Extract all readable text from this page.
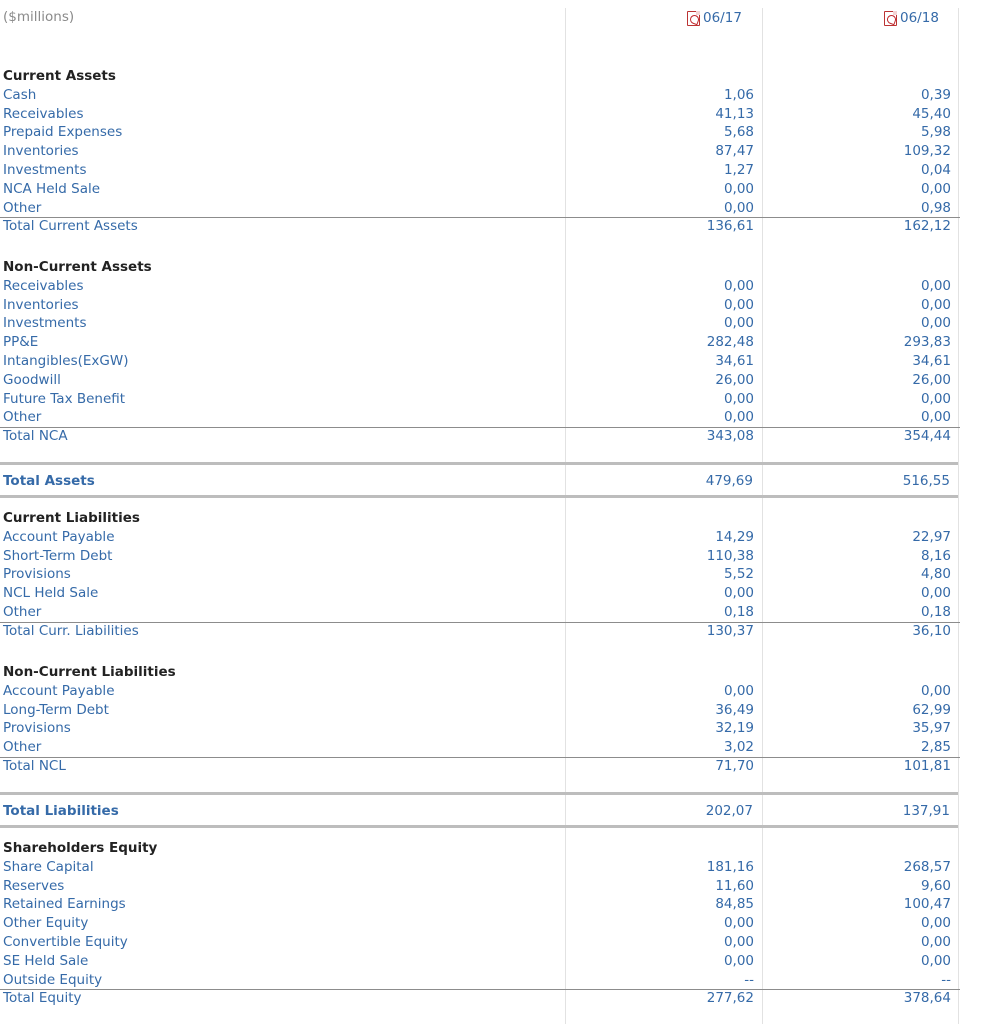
($millions)	06/17	06/18
Current Assets
Cash	1,06	0,39
Receivables	41,13	45,40
Prepaid Expenses	5,68	5,98
Inventories	87,47	109,32
Investments	1,27	0,04
NCA Held Sale	0,00	0,00
Other	0,00	0,98
Total Current Assets	136,61	162,12
Non-Current Assets
Receivables	0,00	0,00
Inventories	0,00	0,00
Investments	0,00	0,00
PP&E	282,48	293,83
Intangibles(ExGW)	34,61	34,61
Goodwill	26,00	26,00
Future Tax Benefit	0,00	0,00
Other	0,00	0,00
Total NCA	343,08	354,44
Current Liabilities
Account Payable	14,29	22,97
Short-Term Debt	110,38	8,16
Provisions	5,52	4,80
NCL Held Sale	0,00	0,00
Other	0,18	0,18
Total Curr. Liabilities	130,37	36,10
Non-Current Liabilities
Account Payable	0,00	0,00
Long-Term Debt	36,49	62,99
Provisions	32,19	35,97
Other	3,02	2,85
Total NCL	71,70	101,81
Shareholders Equity
Share Capital	181,16	268,57
Reserves	11,60	9,60
Retained Earnings	84,85	100,47
Other Equity	0,00	0,00
Convertible Equity	0,00	0,00
SE Held Sale	0,00	0,00
Outside Equity	--	--
Total Equity	277,62	378,64
Total Assets	479,69	516,55
Total Liabilities	202,07	137,91
